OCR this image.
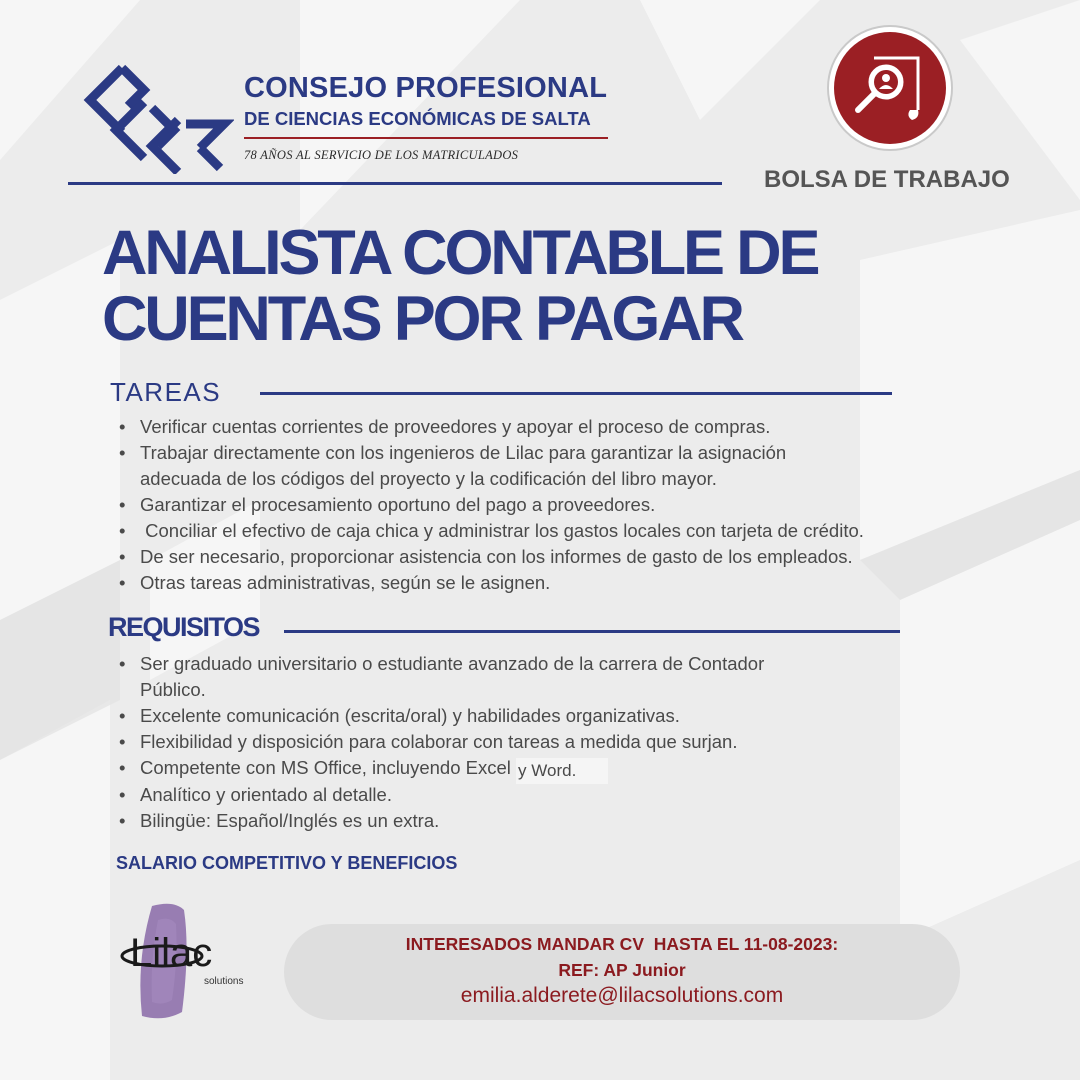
CONSEJO PROFESIONAL
DE CIENCIAS ECONÓMICAS DE SALTA
78 AÑOS AL SERVICIO DE LOS MATRICULADOS
BOLSA DE TRABAJO
ANALISTA CONTABLE DE
CUENTAS POR PAGAR
TAREAS
• Verificar cuentas corrientes de proveedores y apoyar el proceso de compras.
• Trabajar directamente con los ingenieros de Lilac para garantizar la asignación
adecuada de los códigos del proyecto y la codificación del libro mayor.
• Garantizar el procesamiento oportuno del pago a proveedores.
•  Conciliar el efectivo de caja chica y administrar los gastos locales con tarjeta de crédito.
• De ser necesario, proporcionar asistencia con los informes de gasto de los empleados.
• Otras tareas administrativas, según se le asignen.
REQUISITOS
• Ser graduado universitario o estudiante avanzado de la carrera de Contador
Público.
• Excelente comunicación (escrita/oral) y habilidades organizativas.
• Flexibilidad y disposición para colaborar con tareas a medida que surjan.
• Competente con MS Office, incluyendo Excel y Word.
• Analítico y orientado al detalle.
• Bilingüe: Español/Inglés es un extra.
SALARIO COMPETITIVO Y BENEFICIOS
Lilac
solutions
INTERESADOS MANDAR CV  HASTA EL 11-08-2023:
REF: AP Junior
emilia.alderete@lilacsolutions.com
